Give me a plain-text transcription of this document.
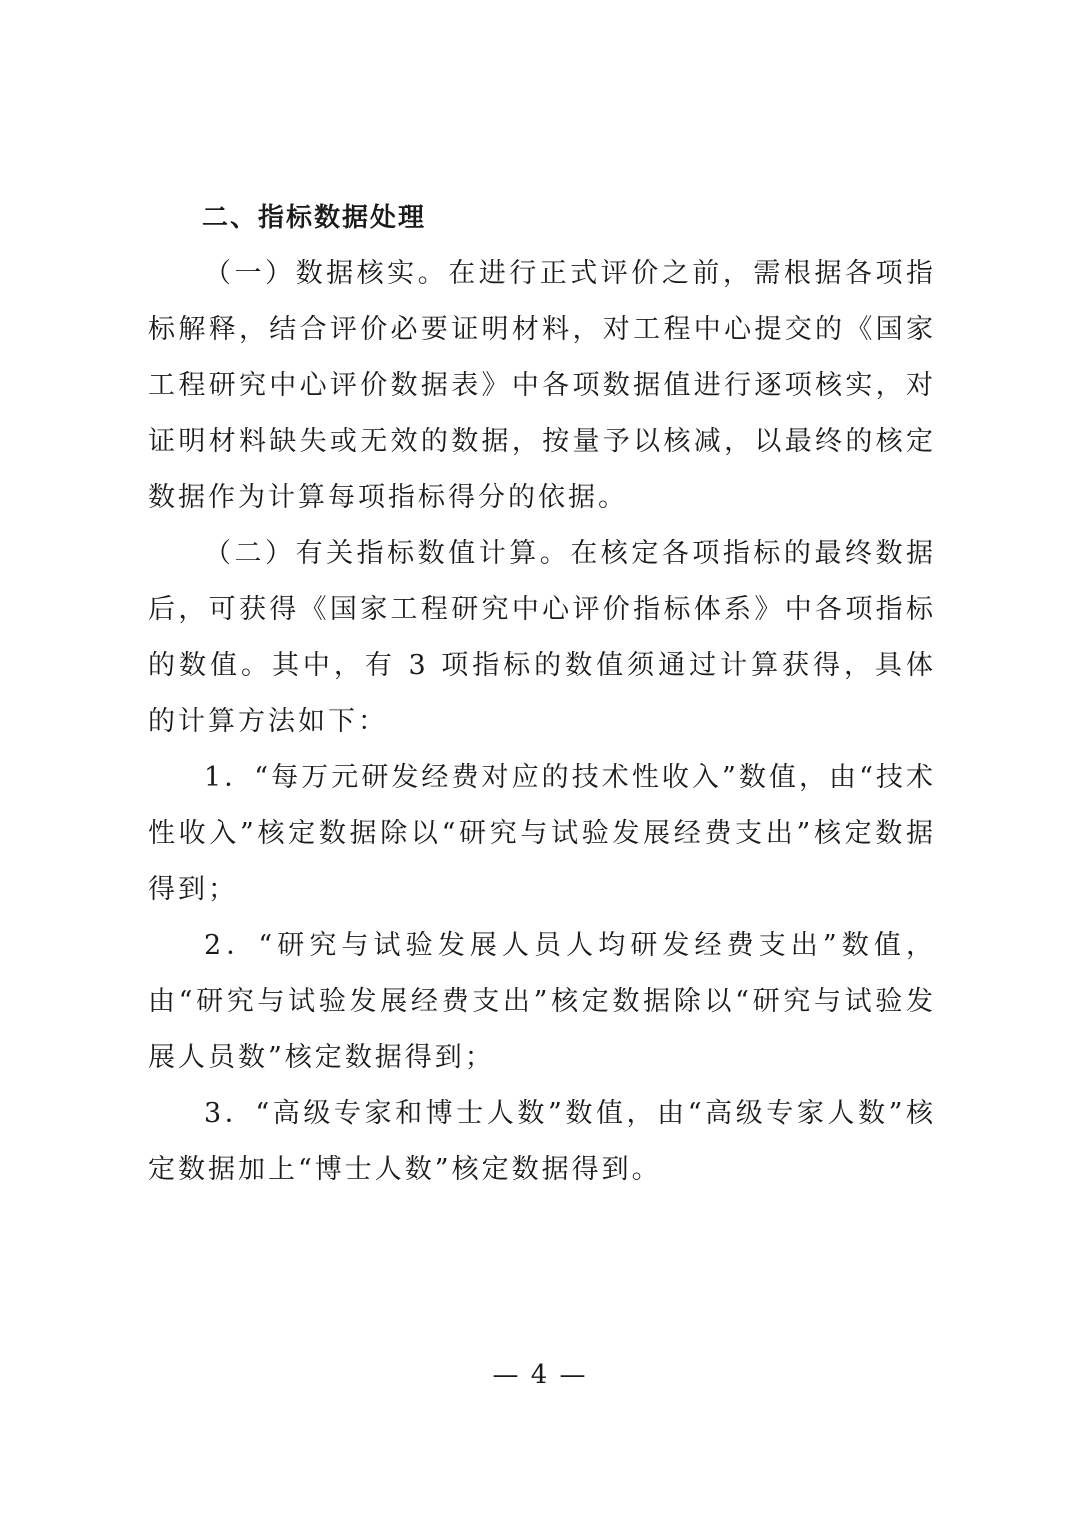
二、指标数据处理

（一）数据核实。在进行正式评价之前，需根据各项指标解释，结合评价必要证明材料，对工程中心提交的《国家工程研究中心评价数据表》中各项数据值进行逐项核实，对证明材料缺失或无效的数据，按量予以核减，以最终的核定数据作为计算每项指标得分的依据。

（二）有关指标数值计算。在核定各项指标的最终数据后，可获得《国家工程研究中心评价指标体系》中各项指标的数值。其中，有 3 项指标的数值须通过计算获得，具体的计算方法如下：

1．“每万元研发经费对应的技术性收入”数值，由“技术性收入”核定数据除以“研究与试验发展经费支出”核定数据得到；

2．“研究与试验发展人员人均研发经费支出”数值，由“研究与试验发展经费支出”核定数据除以“研究与试验发展人员数”核定数据得到；

3．“高级专家和博士人数”数值，由“高级专家人数”核定数据加上“博士人数”核定数据得到。

— 4 —
